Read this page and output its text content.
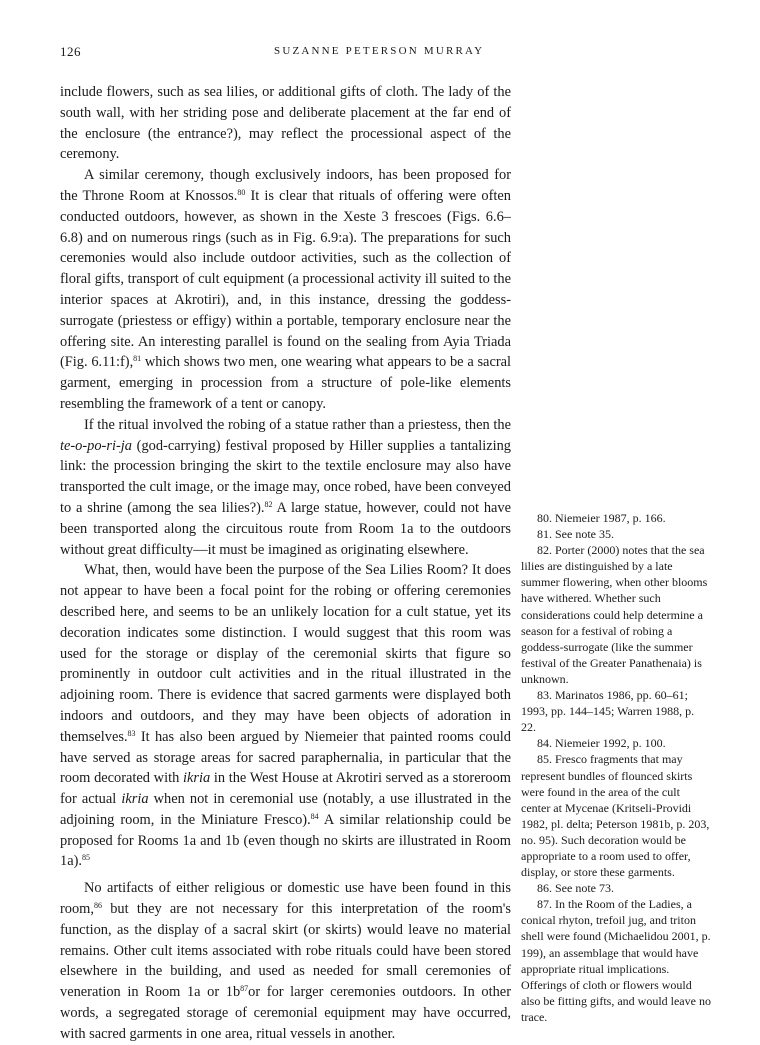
126	SUZANNE PETERSON MURRAY

include flowers, such as sea lilies, or additional gifts of cloth. The lady of the south wall, with her striding pose and deliberate placement at the far end of the enclosure (the entrance?), may reflect the processional aspect of the ceremony.

A similar ceremony, though exclusively indoors, has been proposed for the Throne Room at Knossos.$^{80}$ It is clear that rituals of offering were often conducted outdoors, however, as shown in the Xeste 3 frescoes (Figs. 6.6–6.8) and on numerous rings (such as in Fig. 6.9:a). The preparations for such ceremonies would also include outdoor activities, such as the collection of floral gifts, transport of cult equipment (a processional activity ill suited to the interior spaces at Akrotiri), and, in this instance, dressing the goddess-surrogate (priestess or effigy) within a portable, temporary enclosure near the offering site. An interesting parallel is found on the sealing from Ayia Triada (Fig. 6.11:f),$^{81}$ which shows two men, one wearing what appears to be a sacral garment, emerging in procession from a structure of pole-like elements resembling the framework of a tent or canopy.

If the ritual involved the robing of a statue rather than a priestess, then the te-o-po-ri-ja (god-carrying) festival proposed by Hiller supplies a tantalizing link: the procession bringing the skirt to the textile enclosure may also have transported the cult image, or the image may, once robed, have been conveyed to a shrine (among the sea lilies?).$^{82}$ A large statue, however, could not have been transported along the circuitous route from Room 1a to the outdoors without great difficulty—it must be imagined as originating elsewhere.

What, then, would have been the purpose of the Sea Lilies Room? It does not appear to have been a focal point for the robing or offering ceremonies described here, and seems to be an unlikely location for a cult statue, yet its decoration indicates some distinction. I would suggest that this room was used for the storage or display of the ceremonial skirts that figure so prominently in outdoor cult activities and in the ritual illustrated in the adjoining room. There is evidence that sacred garments were displayed both indoors and outdoors, and they may have been objects of adoration in themselves.$^{83}$ It has also been argued by Niemeier that painted rooms could have served as storage areas for sacred paraphernalia, in particular that the room decorated with ikria in the West House at Akrotiri served as a storeroom for actual ikria when not in ceremonial use (notably, a use illustrated in the adjoining room, in the Miniature Fresco).$^{84}$ A similar relationship could be proposed for Rooms 1a and 1b (even though no skirts are illustrated in Room 1a).$^{85}$

No artifacts of either religious or domestic use have been found in this room,$^{86}$ but they are not necessary for this interpretation of the room's function, as the display of a sacral skirt (or skirts) would leave no material remains. Other cult items associated with robe rituals could have been stored elsewhere in the building, and used as needed for small ceremonies of veneration in Room 1a or $1b^{87}or$ for larger ceremonies outdoors. In other words, a segregated storage of ceremonial equipment may have occurred, with sacred garments in one area, ritual vessels in another.

80. Niemeier 1987, p. 166.

81. See note 35.

82. Porter (2000) notes that the sea lilies are distinguished by a late summer flowering, when other blooms have withered. Whether such considerations could help determine a season for a festival of robing a goddess-surrogate (like the summer festival of the Greater Panathenaia) is unknown.

83. Marinatos 1986, pp. 60–61; 1993, pp. 144–145; Warren 1988, p. 22.

84. Niemeier 1992, p. 100.

85. Fresco fragments that may represent bundles of flounced skirts were found in the area of the cult center at Mycenae (Kritseli-Providi 1982, pl. delta; Peterson 1981b, p. 203, no. 95). Such decoration would be appropriate to a room used to offer, display, or store these garments.

86. See note 73.

87. In the Room of the Ladies, a conical rhyton, trefoil jug, and triton shell were found (Michaelidou 2001, p. 199), an assemblage that would have appropriate ritual implications. Offerings of cloth or flowers would also be fitting gifts, and would leave no trace.
